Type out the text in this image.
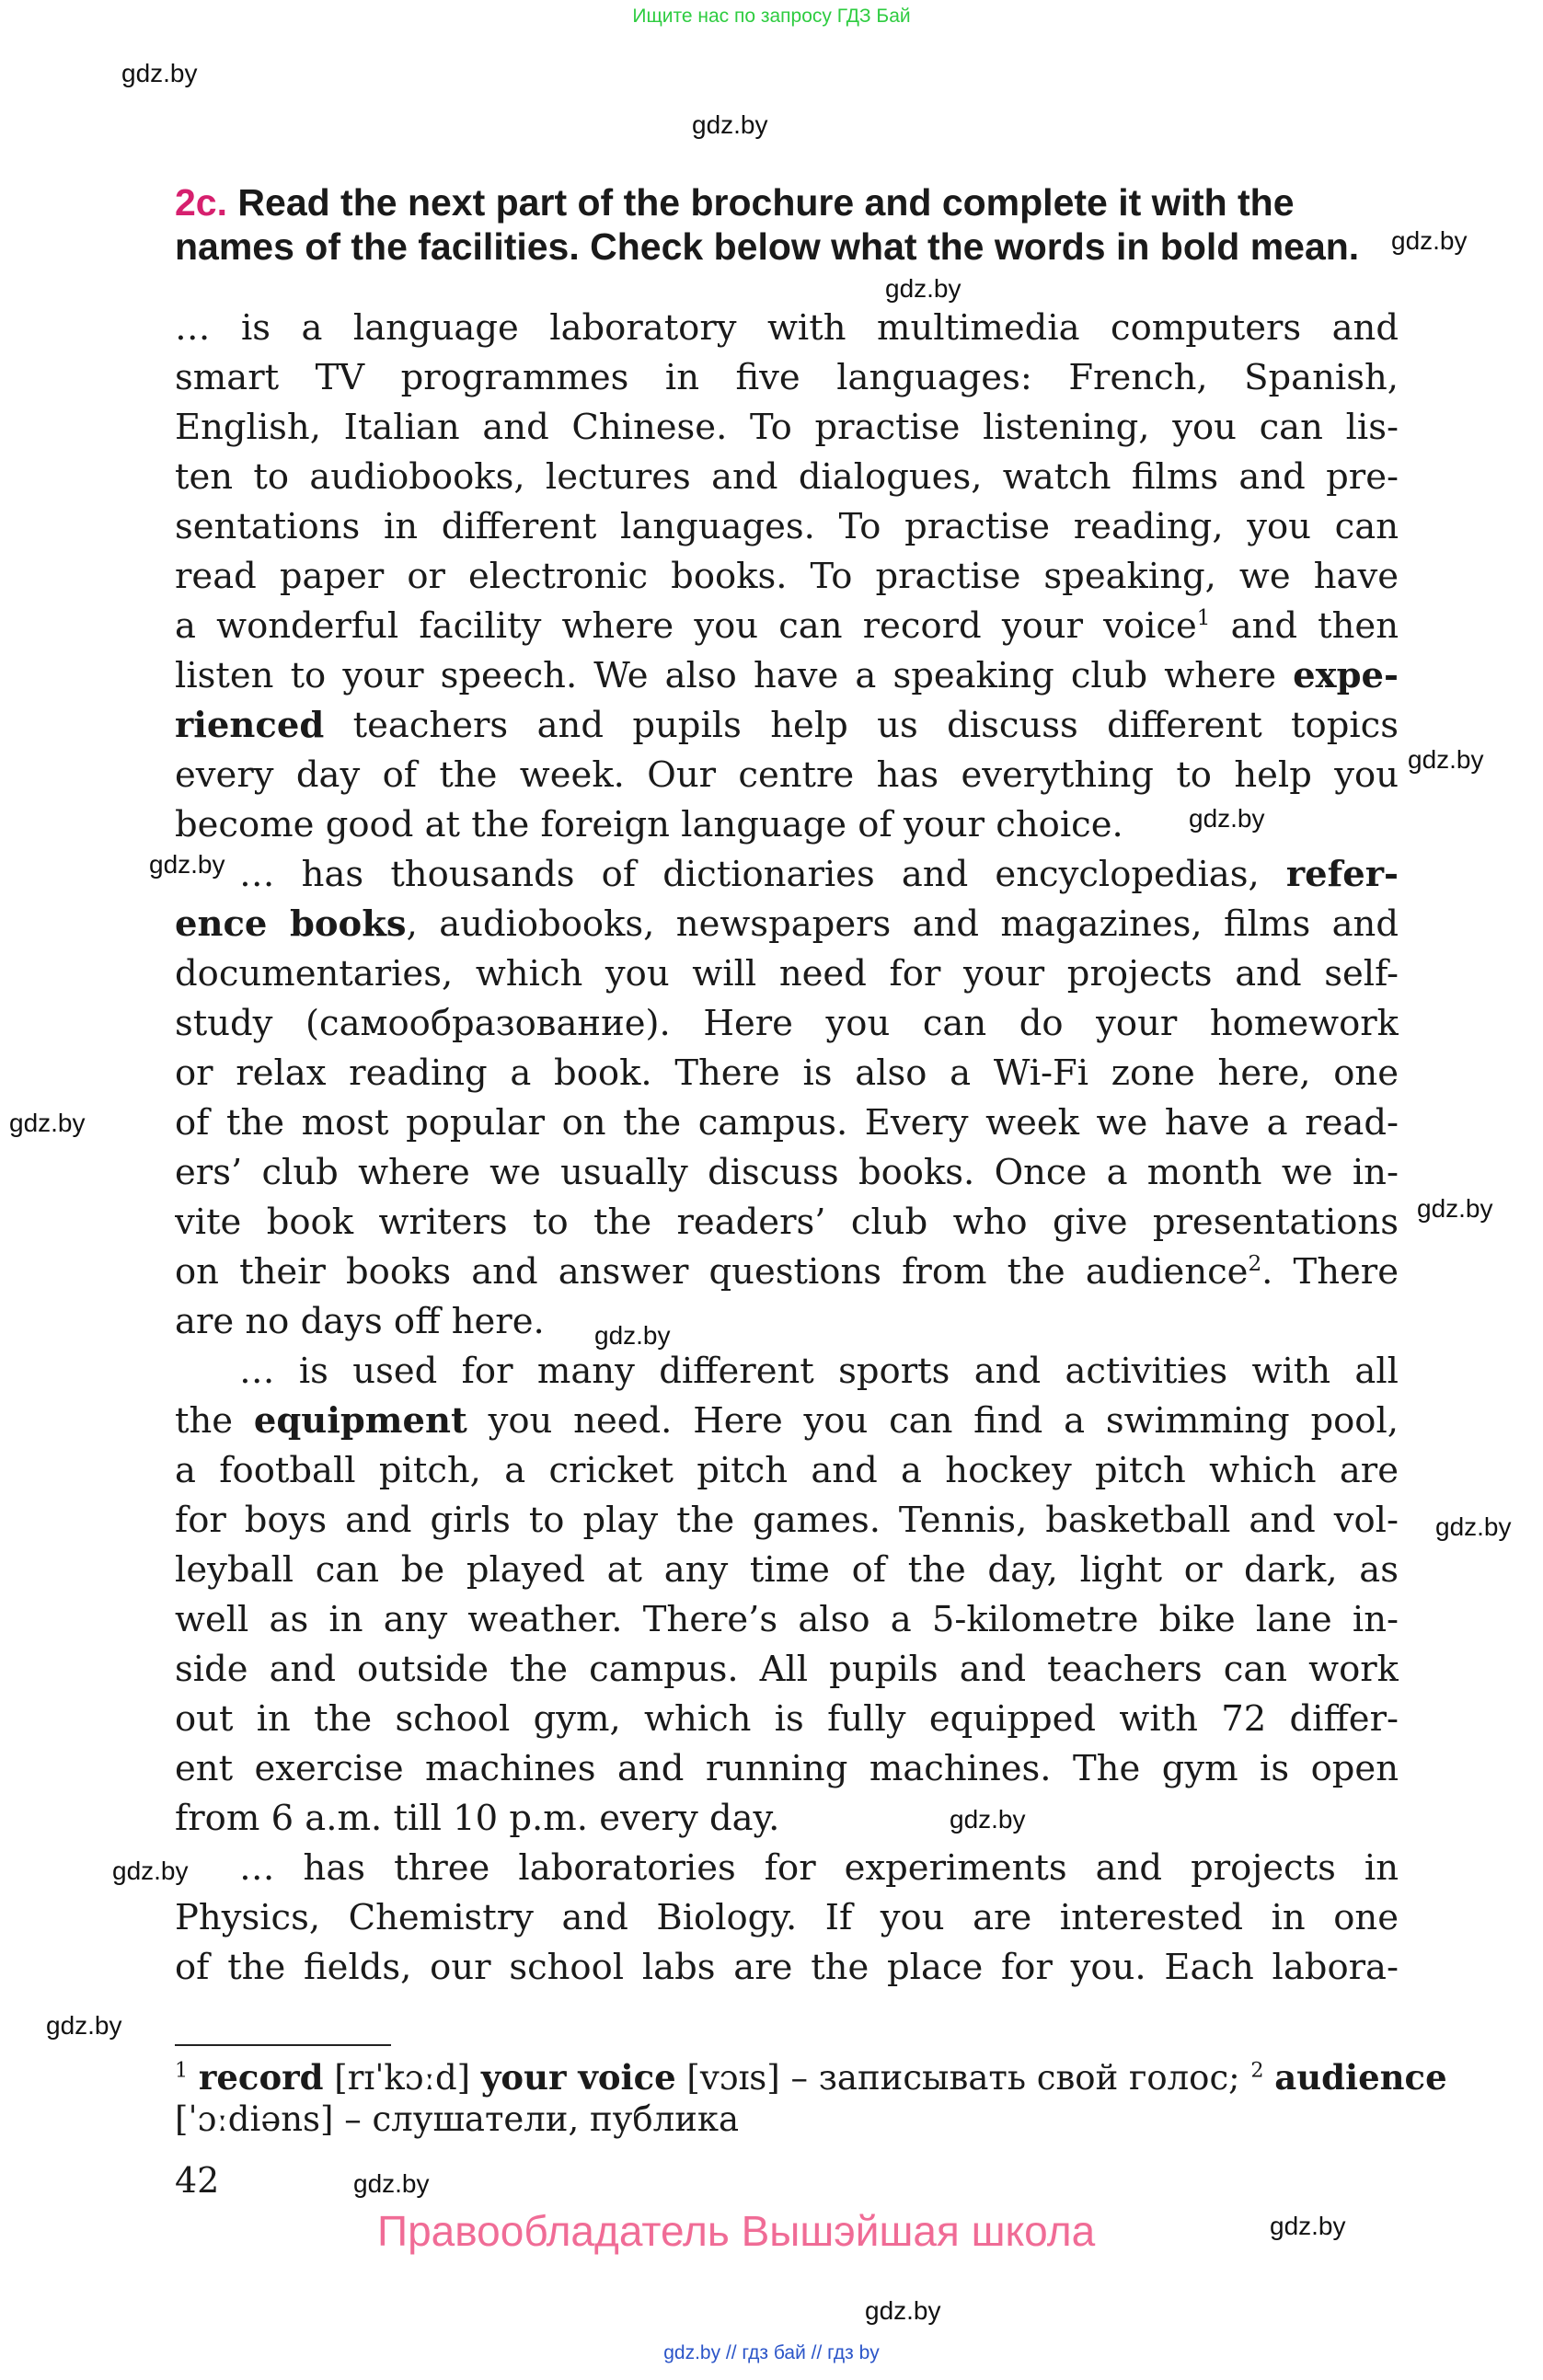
Ищите нас по запросу ГДЗ Бай
gdz.by
gdz.by
gdz.by
gdz.by
gdz.by
gdz.by
gdz.by
gdz.by
gdz.by
gdz.by
gdz.by
gdz.by
gdz.by
gdz.by
gdz.by
gdz.by
gdz.by
2c. Read the next part of the brochure and complete it with the
names of the facilities. Check below what the words in bold mean.
… is a language laboratory with multimedia computers and
smart TV programmes in five languages: French, Spanish,
English, Italian and Chinese. To practise listening, you can lis-
ten to audiobooks, lectures and dialogues, watch films and pre-
sentations in different languages. To practise reading, you can
read paper or electronic books. To practise speaking, we have
a wonderful facility where you can record your voice$^1$ and then
listen to your speech. We also have a speaking club where expe-
rienced teachers and pupils help us discuss different topics
every day of the week. Our centre has everything to help you
become good at the foreign language of your choice.
… has thousands of dictionaries and encyclopedias, refer-
ence books, audiobooks, newspapers and magazines, films and
documentaries, which you will need for your projects and self-
study (самообразование). Here you can do your homework
or relax reading a book. There is also a Wi-Fi zone here, one
of the most popular on the campus. Every week we have a read-
ers’ club where we usually discuss books. Once a month we in-
vite book writers to the readers’ club who give presentations
on their books and answer questions from the audience$^2$. There
are no days off here.
… is used for many different sports and activities with all
the equipment you need. Here you can find a swimming pool,
a football pitch, a cricket pitch and a hockey pitch which are
for boys and girls to play the games. Tennis, basketball and vol-
leyball can be played at any time of the day, light or dark, as
well as in any weather. There’s also a 5-kilometre bike lane in-
side and outside the campus. All pupils and teachers can work
out in the school gym, which is fully equipped with 72 differ-
ent exercise machines and running machines. The gym is open
from 6 a.m. till 10 p.m. every day.
… has three laboratories for experiments and projects in
Physics, Chemistry and Biology. If you are interested in one
of the fields, our school labs are the place for you. Each labora-
$^1$ record [rɪˈkɔːd] your voice [vɔɪs] – записывать свой голос; $^2$ audience
[ˈɔːdiəns] – слушатели, публика
42
Правообладатель Вышэйшая школа
gdz.by // гдз бай // гдз by
